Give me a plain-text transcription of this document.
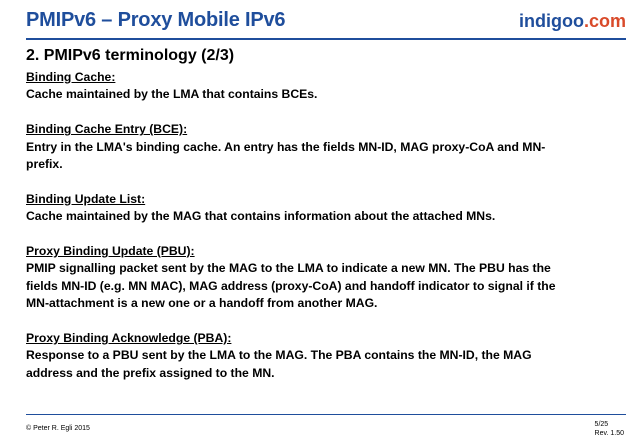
PMIPv6 – Proxy Mobile IPv6	indigoo.com
2. PMIPv6 terminology (2/3)
Binding Cache:
Cache maintained by the LMA that contains BCEs.
Binding Cache Entry (BCE):
Entry in the LMA's binding cache. An entry has the fields MN-ID, MAG proxy-CoA and MN-
prefix.
Binding Update List:
Cache maintained by the MAG that contains information about the attached MNs.
Proxy Binding Update (PBU):
PMIP signalling packet sent by the MAG to the LMA to indicate a new MN. The PBU has the
fields MN-ID (e.g. MN MAC), MAG address (proxy-CoA) and handoff indicator to signal if the
MN-attachment is a new one or a handoff from another MAG.
Proxy Binding Acknowledge (PBA):
Response to a PBU sent by the LMA to the MAG. The PBA contains the MN-ID, the MAG
address and the prefix assigned to the MN.
© Peter R. Egli 2015
5/25
Rev. 1.50
